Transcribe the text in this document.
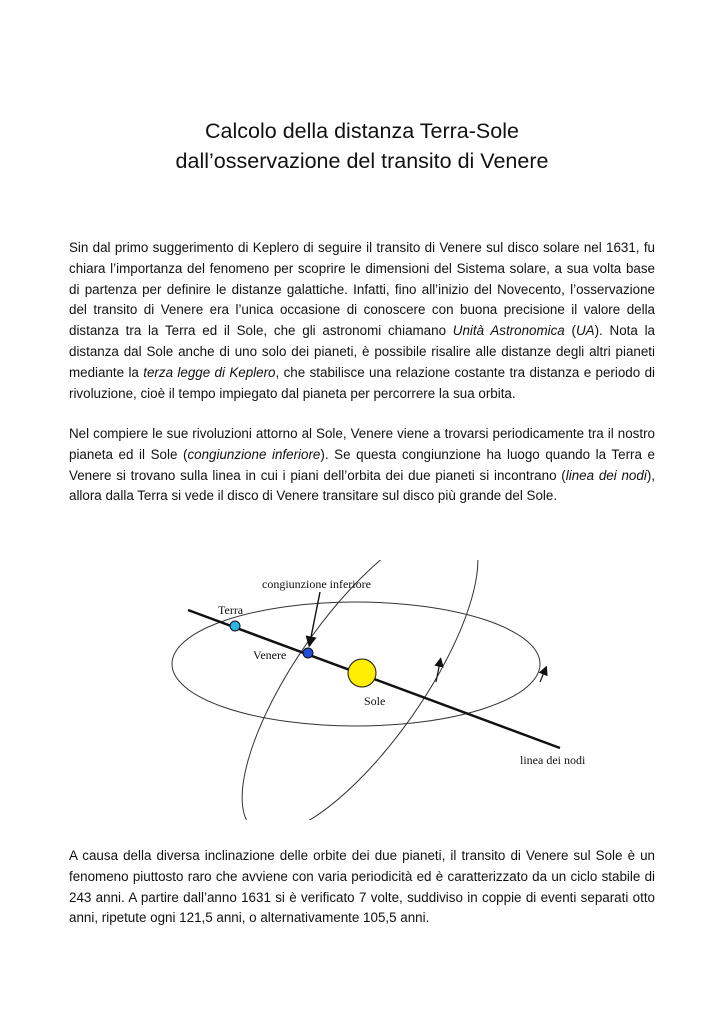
Calcolo della distanza Terra-Sole
dall’osservazione del transito di Venere

Sin dal primo suggerimento di Keplero di seguire il transito di Venere sul disco solare nel 1631, fu chiara l’importanza del fenomeno per scoprire le dimensioni del Sistema solare, a sua volta base di partenza per definire le distanze galattiche. Infatti, fino all’inizio del Novecento, l’osservazione del transito di Venere era l’unica occasione di conoscere con buona precisione il valore della distanza tra la Terra ed il Sole, che gli astronomi chiamano Unità Astronomica (UA). Nota la distanza dal Sole anche di uno solo dei pianeti, è possibile risalire alle distanze degli altri pianeti mediante la terza legge di Keplero, che stabilisce una relazione costante tra distanza e periodo di rivoluzione, cioè il tempo impiegato dal pianeta per percorrere la sua orbita.

Nel compiere le sue rivoluzioni attorno al Sole, Venere viene a trovarsi periodicamente tra il nostro pianeta ed il Sole (congiunzione inferiore). Se questa congiunzione ha luogo quando la Terra e Venere si trovano sulla linea in cui i piani dell’orbita dei due pianeti si incontrano (linea dei nodi), allora dalla Terra si vede il disco di Venere transitare sul disco più grande del Sole.

congiunzione inferiore
Terra
Venere
Sole
linea dei nodi
A causa della diversa inclinazione delle orbite dei due pianeti, il transito di Venere sul Sole è un fenomeno piuttosto raro che avviene con varia periodicità ed è caratterizzato da un ciclo stabile di 243 anni. A partire dall’anno 1631 si è verificato 7 volte, suddiviso in coppie di eventi separati otto anni, ripetute ogni 121,5 anni, o alternativamente 105,5 anni.
